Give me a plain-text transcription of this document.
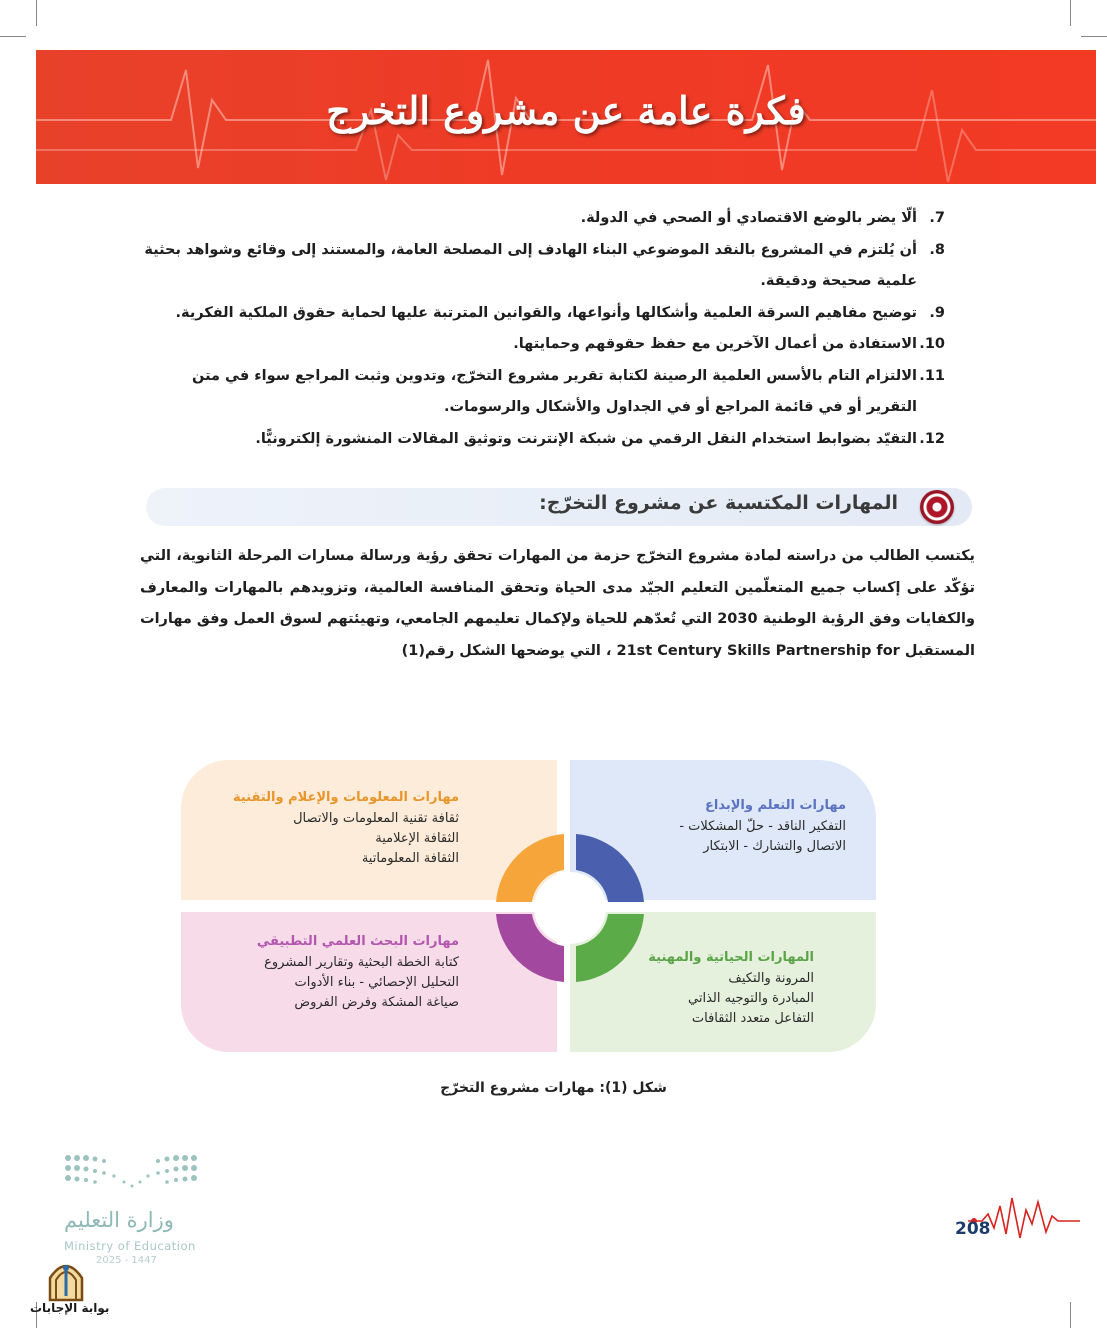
فكرة عامة عن مشروع التخرج
7.
ألّا يضر بالوضع الاقتصادي أو الصحي في الدولة.
8.
أن يُلتزم في المشروع بالنقد الموضوعي البناء الهادف إلى المصلحة العامة، والمستند إلى وقائع وشواهد بحثية علمية صحيحة ودقيقة.
9.
توضيح مفاهيم السرقة العلمية وأشكالها وأنواعها، والقوانين المترتبة عليها لحماية حقوق الملكية الفكرية.
10.
الاستفادة من أعمال الآخرين مع حفظ حقوقهم وحمايتها.
11.
الالتزام التام بالأسس العلمية الرصينة لكتابة تقرير مشروع التخرّج، وتدوين وثبت المراجع سواء في متن التقرير أو في قائمة المراجع أو في الجداول والأشكال والرسومات.
12.
التقيّد بضوابط استخدام النقل الرقمي من شبكة الإنترنت وتوثيق المقالات المنشورة إلكترونيًّا.
المهارات المكتسبة عن مشروع التخرّج:

يكتسب الطالب من دراسته لمادة مشروع التخرّج حزمة من المهارات تحقق رؤية ورسالة مسارات المرحلة الثانوية، التي تؤكّد على إكساب جميع المتعلّمين التعليم الجيّد مدى الحياة وتحقق المنافسة العالمية، وتزويدهم بالمهارات والمعارف والكفايات وفق الرؤية الوطنية 2030 التي تُعدّهم للحياة ولإكمال تعليمهم الجامعي، وتهيئتهم لسوق العمل وفق مهارات المستقبل 21st Century Skills Partnership for ، التي يوضحها الشكل رقم(1)

مهارات المعلومات والإعلام والتقنية
ثقافة تقنية المعلومات والاتصال
الثقافة الإعلامية
الثقافة المعلوماتية
مهارات التعلم والإبداع
التفكير الناقد - حلّ المشكلات -
الاتصال والتشارك - الابتكار
مهارات البحث العلمي التطبيقي
كتابة الخطة البحثية وتقارير المشروع
التحليل الإحصائي - بناء الأدوات
صياغة المشكة وفرض الفروض
المهارات الحياتية والمهنية
المرونة والتكيف
المبادرة والتوجيه الذاتي
التفاعل متعدد الثقافات
شكل (1): مهارات مشروع التخرّج
وزارة التعليم
Ministry of Education
2025 - 1447
بوابة الإجابات
208
